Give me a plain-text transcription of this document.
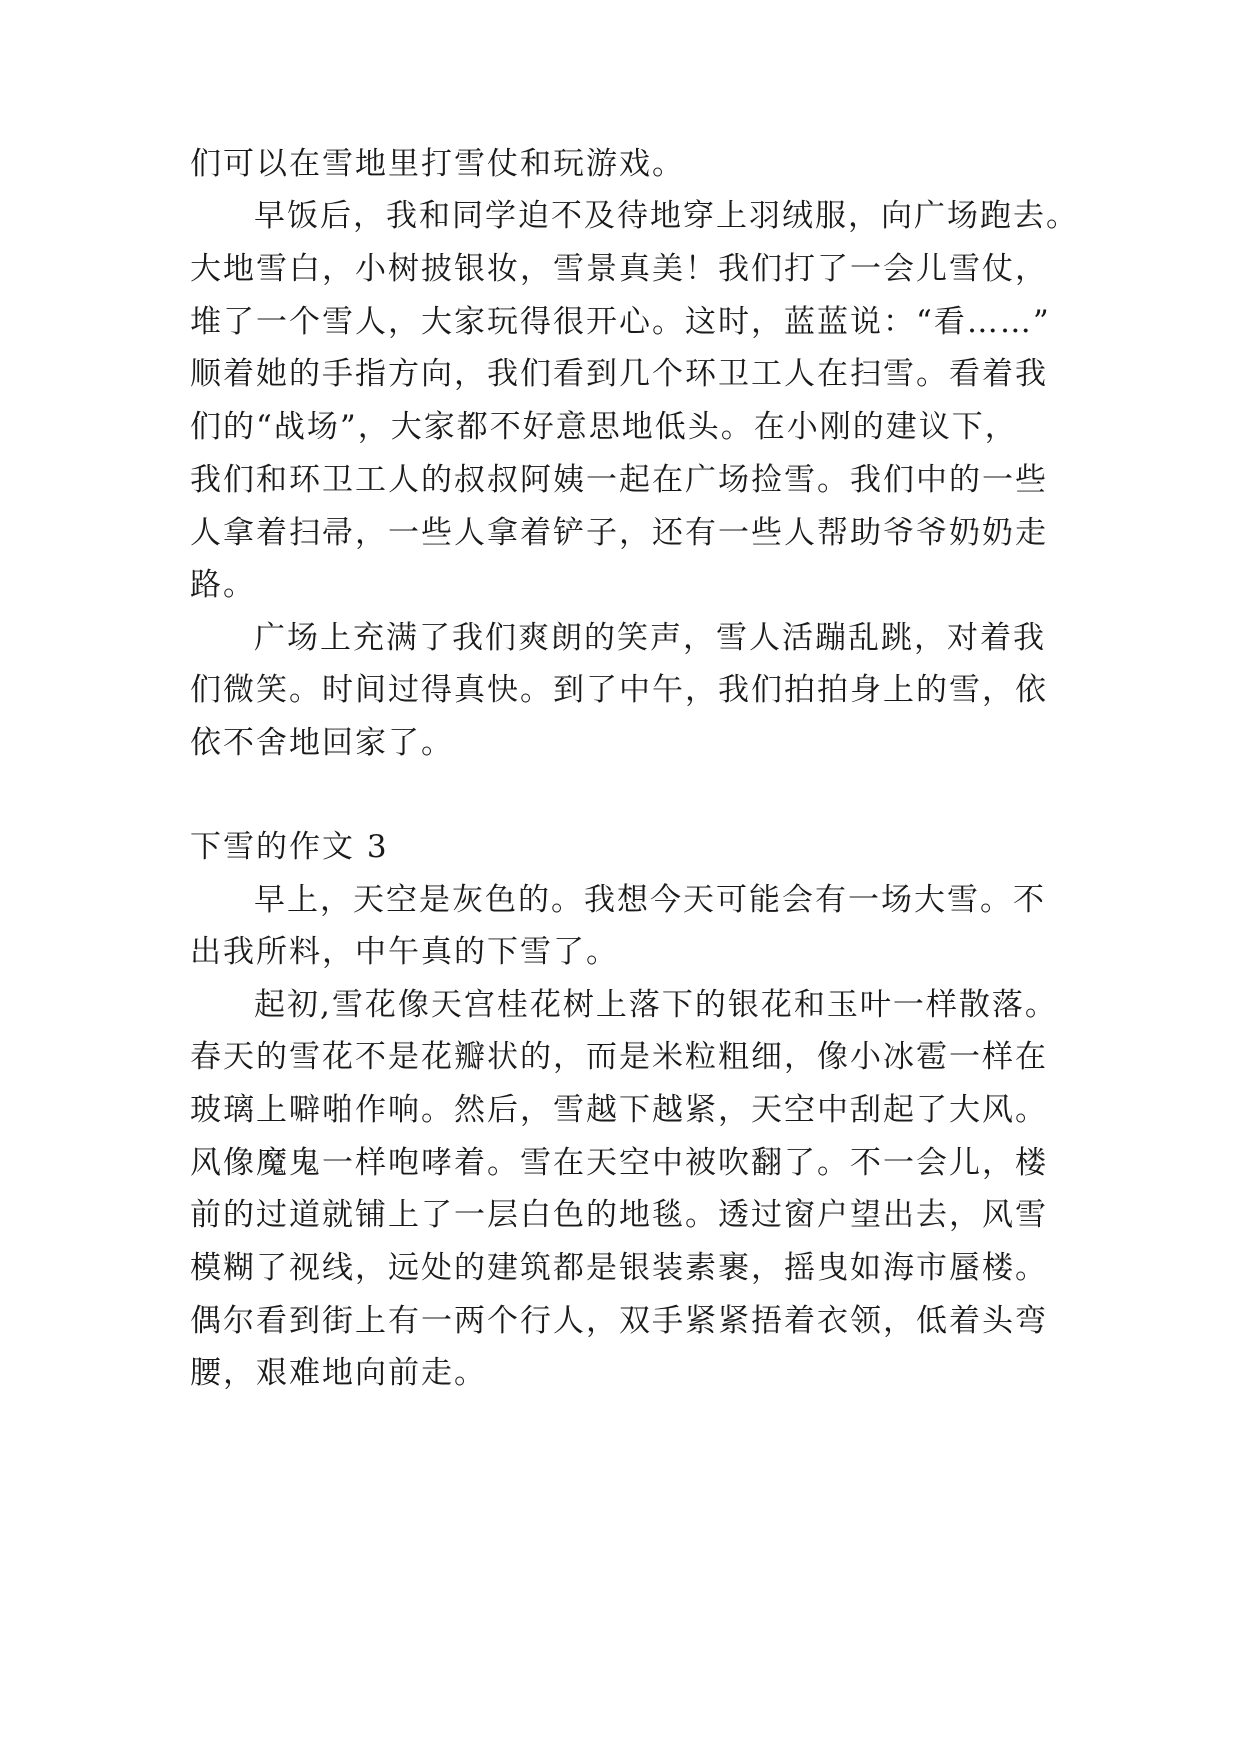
们可以在雪地里打雪仗和玩游戏。
早饭后，我和同学迫不及待地穿上羽绒服，向广场跑去。
大地雪白，小树披银妆，雪景真美！我们打了一会儿雪仗，
堆了一个雪人，大家玩得很开心。这时，蓝蓝说：“看……”
顺着她的手指方向，我们看到几个环卫工人在扫雪。看着我
们的“战场”，大家都不好意思地低头。在小刚的建议下，
我们和环卫工人的叔叔阿姨一起在广场捡雪。我们中的一些
人拿着扫帚，一些人拿着铲子，还有一些人帮助爷爷奶奶走
路。
广场上充满了我们爽朗的笑声，雪人活蹦乱跳，对着我
们微笑。时间过得真快。到了中午，我们拍拍身上的雪，依
依不舍地回家了。
下雪的作文 3
早上，天空是灰色的。我想今天可能会有一场大雪。不
出我所料，中午真的下雪了。
起初,雪花像天宫桂花树上落下的银花和玉叶一样散落。
春天的雪花不是花瓣状的，而是米粒粗细，像小冰雹一样在
玻璃上噼啪作响。然后，雪越下越紧，天空中刮起了大风。
风像魔鬼一样咆哮着。雪在天空中被吹翻了。不一会儿，楼
前的过道就铺上了一层白色的地毯。透过窗户望出去，风雪
模糊了视线，远处的建筑都是银装素裹，摇曳如海市蜃楼。
偶尔看到街上有一两个行人，双手紧紧捂着衣领，低着头弯
腰，艰难地向前走。
